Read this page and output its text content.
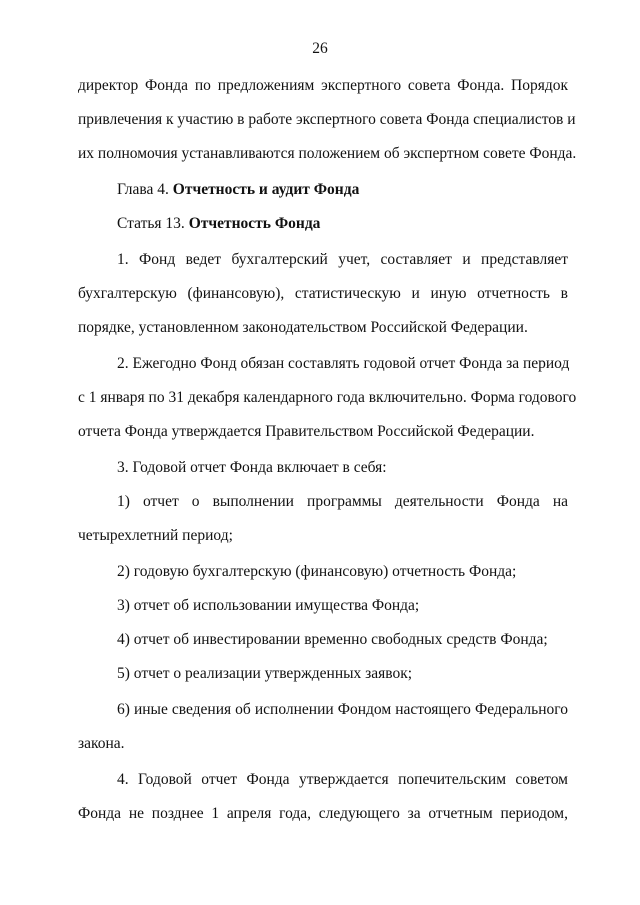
26
директор Фонда по предложениям экспертного совета Фонда. Порядок
привлечения к участию в работе экспертного совета Фонда специалистов и
их полномочия устанавливаются положением об экспертном совете Фонда.
Глава 4. Отчетность и аудит Фонда
Статья 13. Отчетность Фонда
1. Фонд ведет бухгалтерский учет, составляет и представляет
бухгалтерскую (финансовую), статистическую и иную отчетность в
порядке, установленном законодательством Российской Федерации.
2. Ежегодно Фонд обязан составлять годовой отчет Фонда за период
с 1 января по 31 декабря календарного года включительно. Форма годового
отчета Фонда утверждается Правительством Российской Федерации.
3. Годовой отчет Фонда включает в себя:
1) отчет о выполнении программы деятельности Фонда на
четырехлетний период;
2) годовую бухгалтерскую (финансовую) отчетность Фонда;
3) отчет об использовании имущества Фонда;
4) отчет об инвестировании временно свободных средств Фонда;
5) отчет о реализации утвержденных заявок;
6) иные сведения об исполнении Фондом настоящего Федерального
закона.
4. Годовой отчет Фонда утверждается попечительским советом
Фонда не позднее 1 апреля года, следующего за отчетным периодом,
